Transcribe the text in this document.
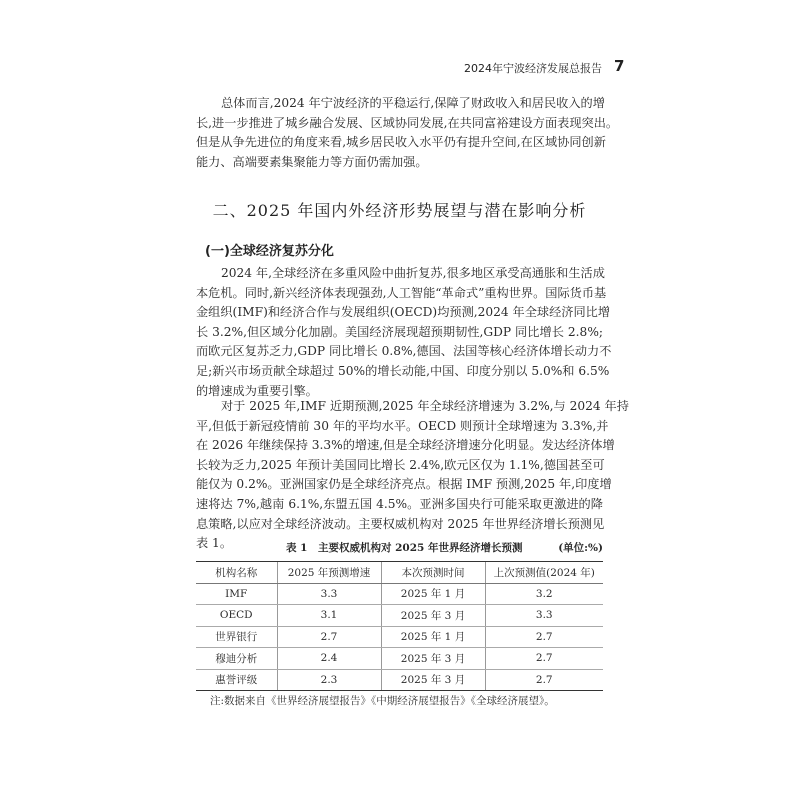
2024年宁波经济发展总报告 7
总体而言,2024 年宁波经济的平稳运行,保障了财政收入和居民收入的增
长,进一步推进了城乡融合发展、区域协同发展,在共同富裕建设方面表现突出。
但是从争先进位的角度来看,城乡居民收入水平仍有提升空间,在区域协同创新
能力、高端要素集聚能力等方面仍需加强。
二、2025 年国内外经济形势展望与潜在影响分析
(一)全球经济复苏分化
2024 年,全球经济在多重风险中曲折复苏,很多地区承受高通胀和生活成
本危机。同时,新兴经济体表现强劲,人工智能“革命式”重构世界。国际货币基
金组织(IMF)和经济合作与发展组织(OECD)均预测,2024 年全球经济同比增
长 3.2%,但区域分化加剧。美国经济展现超预期韧性,GDP 同比增长 2.8%;
而欧元区复苏乏力,GDP 同比增长 0.8%,德国、法国等核心经济体增长动力不
足;新兴市场贡献全球超过 50%的增长动能,中国、印度分别以 5.0%和 6.5%
的增速成为重要引擎。
对于 2025 年,IMF 近期预测,2025 年全球经济增速为 3.2%,与 2024 年持
平,但低于新冠疫情前 30 年的平均水平。OECD 则预计全球增速为 3.3%,并
在 2026 年继续保持 3.3%的增速,但是全球经济增速分化明显。发达经济体增
长较为乏力,2025 年预计美国同比增长 2.4%,欧元区仅为 1.1%,德国甚至可
能仅为 0.2%。亚洲国家仍是全球经济亮点。根据 IMF 预测,2025 年,印度增
速将达 7%,越南 6.1%,东盟五国 4.5%。亚洲多国央行可能采取更激进的降
息策略,以应对全球经济波动。主要权威机构对 2025 年世界经济增长预测见
表 1。	表 1　主要权威机构对 2025 年世界经济增长预测	(单位:%)
机构名称	2025 年预测增速	本次预测时间	上次预测值(2024 年)
IMF	3.3	2025 年 1 月	3.2
OECD	3.1	2025 年 3 月	3.3
世界银行	2.7	2025 年 1 月	2.7
穆迪分析	2.4	2025 年 3 月	2.7
惠誉评级	2.3	2025 年 3 月	2.7
注:数据来自《世界经济展望报告》《中期经济展望报告》《全球经济展望》。
